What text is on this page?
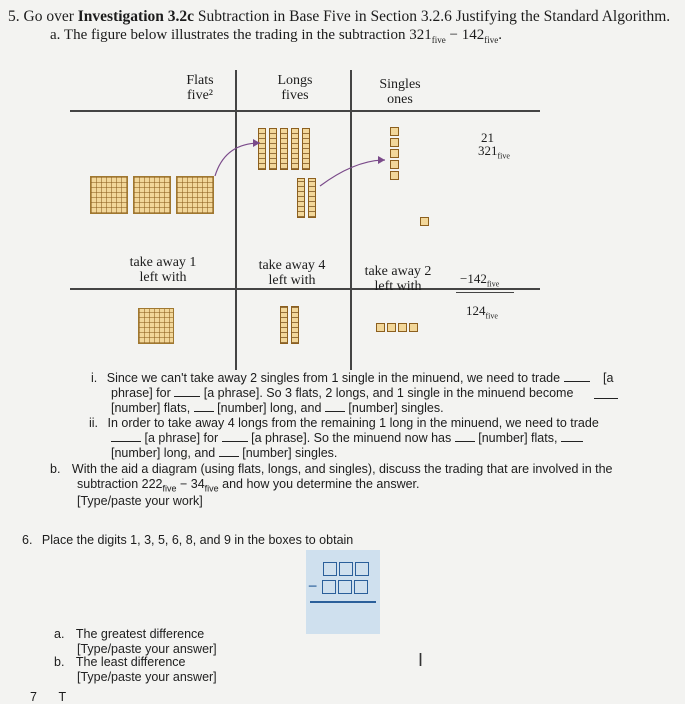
5. Go over Investigation 3.2c Subtraction in Base Five in Section 3.2.6 Justifying the Standard Algorithm.
a. The figure below illustrates the trading in the subtraction $321_{five} - 142_{five}$.
Flats
five²
Longs
fives
Singles
ones
21
$321_{five}$
take away 1
left with
take away 4
left with
take away 2
left with
$-142_{five}$
$124_{five}$
i. Since we can't take away 2 singles from 1 single in the minuend, we need to trade	[a
phrase] for	[a phrase]. So 3 flats, 2 longs, and 1 single in the minuend become
[number] flats, [number] long, and [number] singles.
ii. In order to take away 4 longs from the remaining 1 long in the minuend, we need to trade
[a phrase] for	[a phrase]. So the minuend now has [number] flats,
[number] long, and [number] singles.
b. With the aid a diagram (using flats, longs, and singles), discuss the trading that are involved in the
subtraction $222_{five} - 34_{five}$ and how you determine the answer.
[Type/paste your work]
6. Place the digits 1, 3, 5, 6, 8, and 9 in the boxes to obtain
−
a. The greatest difference
[Type/paste your answer]
b. The least difference
[Type/paste your answer]
I
7 T
